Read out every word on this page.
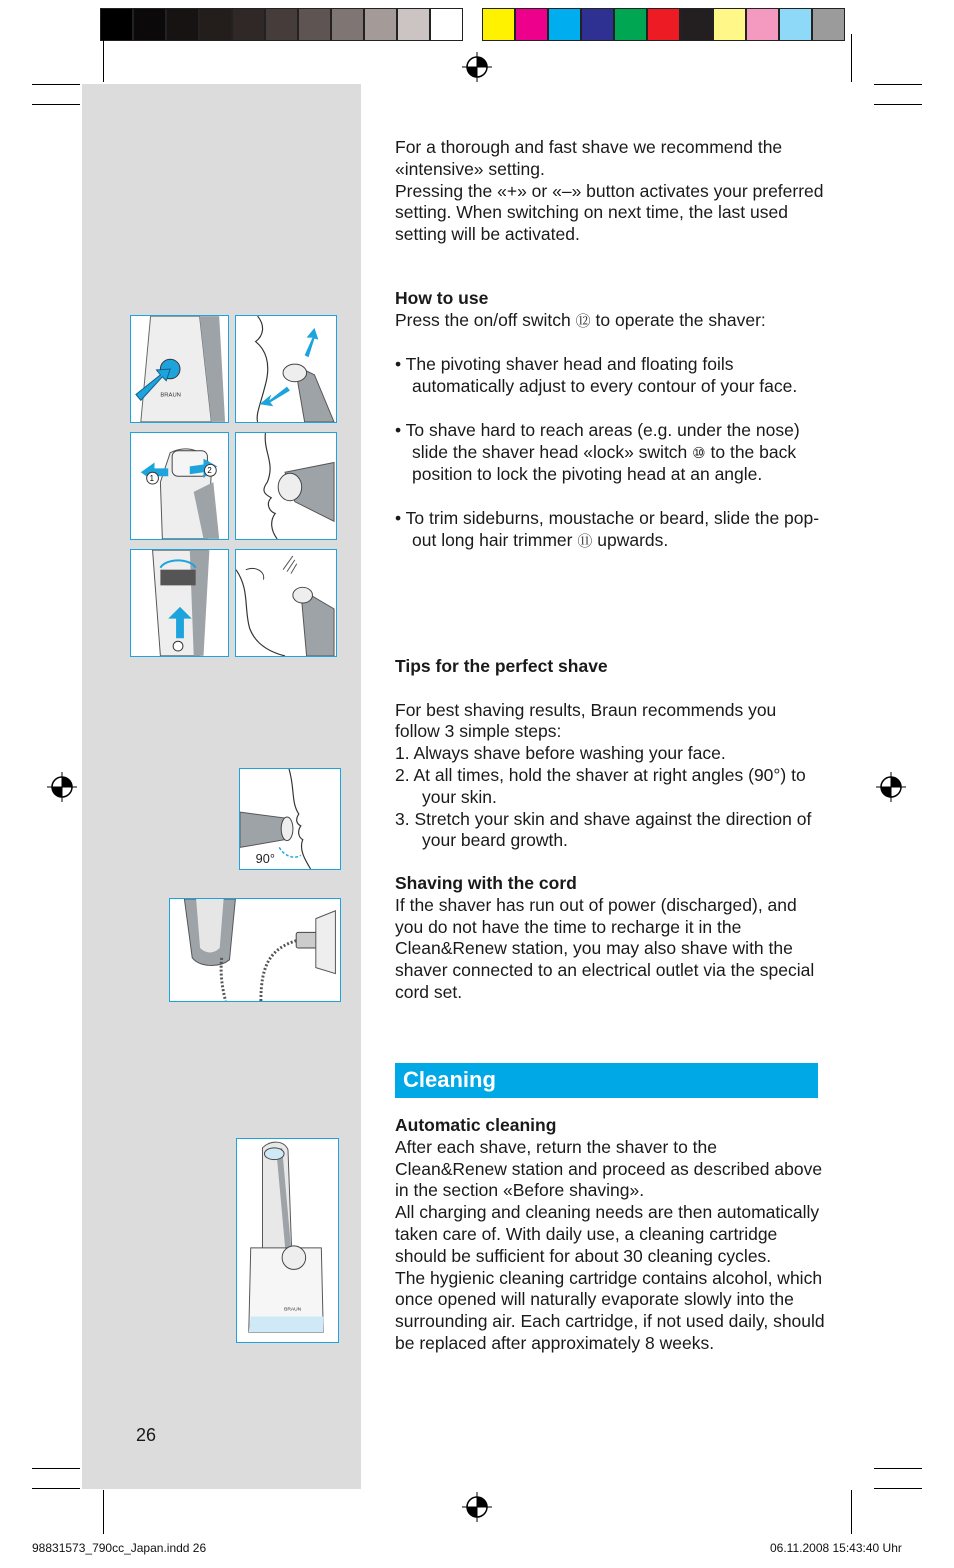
BRAUN
1
2
90°
BRAUN

For a thorough and fast shave we recommend the «intensive» setting.

Pressing the «+» or «–» button activates your preferred setting. When switching on next time, the last used setting will be activated.

How to use

Press the on/off switch ⑫ to operate the shaver:

• The pivoting shaver head and floating foils automatically adjust to every contour of your face.

• To shave hard to reach areas (e.g. under the nose) slide the shaver head «lock» switch ⑩ to the back position to lock the pivoting head at an angle.

• To trim sideburns, moustache or beard, slide the pop-out long hair trimmer ⑪ upwards.

Tips for the perfect shave

For best shaving results, Braun recommends you follow 3 simple steps:

1. Always shave before washing your face.

2. At all times, hold the shaver at right angles (90°) to your skin.

3. Stretch your skin and shave against the direction of your beard growth.

Shaving with the cord

If the shaver has run out of power (discharged), and you do not have the time to recharge it in the Clean&Renew station, you may also shave with the shaver connected to an electrical outlet via the special cord set.

Cleaning

Automatic cleaning

After each shave, return the shaver to the Clean&Renew station and proceed as described above in the section «Before shaving».

All charging and cleaning needs are then automatically taken care of. With daily use, a cleaning cartridge should be sufficient for about 30 cleaning cycles.

The hygienic cleaning cartridge contains alcohol, which once opened will naturally evaporate slowly into the surrounding air. Each cartridge, if not used daily, should be replaced after approximately 8 weeks.

26
98831573_790cc_Japan.indd 26	06.11.2008 15:43:40 Uhr
